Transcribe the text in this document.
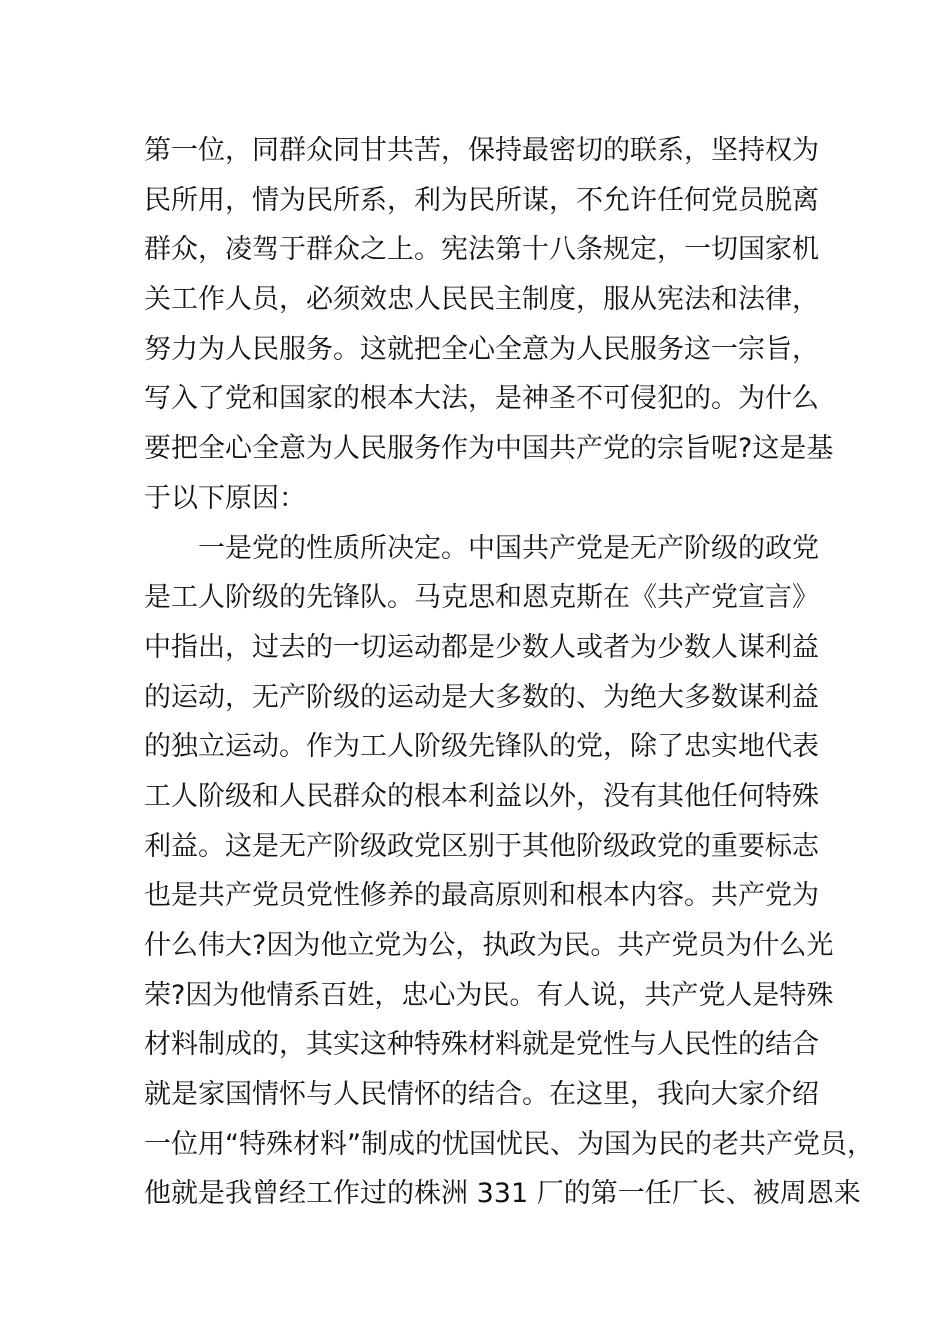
第一位，同群众同甘共苦，保持最密切的联系，坚持权为
民所用，情为民所系，利为民所谋，不允许任何党员脱离
群众，凌驾于群众之上。宪法第十八条规定，一切国家机
关工作人员，必须效忠人民民主制度，服从宪法和法律，
努力为人民服务。这就把全心全意为人民服务这一宗旨，
写入了党和国家的根本大法，是神圣不可侵犯的。为什么
要把全心全意为人民服务作为中国共产党的宗旨呢?这是基
于以下原因：
一是党的性质所决定。中国共产党是无产阶级的政党
是工人阶级的先锋队。马克思和恩克斯在《共产党宣言》
中指出，过去的一切运动都是少数人或者为少数人谋利益
的运动，无产阶级的运动是大多数的、为绝大多数谋利益
的独立运动。作为工人阶级先锋队的党，除了忠实地代表
工人阶级和人民群众的根本利益以外，没有其他任何特殊
利益。这是无产阶级政党区别于其他阶级政党的重要标志
也是共产党员党性修养的最高原则和根本内容。共产党为
什么伟大?因为他立党为公，执政为民。共产党员为什么光
荣?因为他情系百姓，忠心为民。有人说，共产党人是特殊
材料制成的，其实这种特殊材料就是党性与人民性的结合
就是家国情怀与人民情怀的结合。在这里，我向大家介绍
一位用“特殊材料”制成的忧国忧民、为国为民的老共产党员，
他就是我曾经工作过的株洲 331 厂的第一任厂长、被周恩来
